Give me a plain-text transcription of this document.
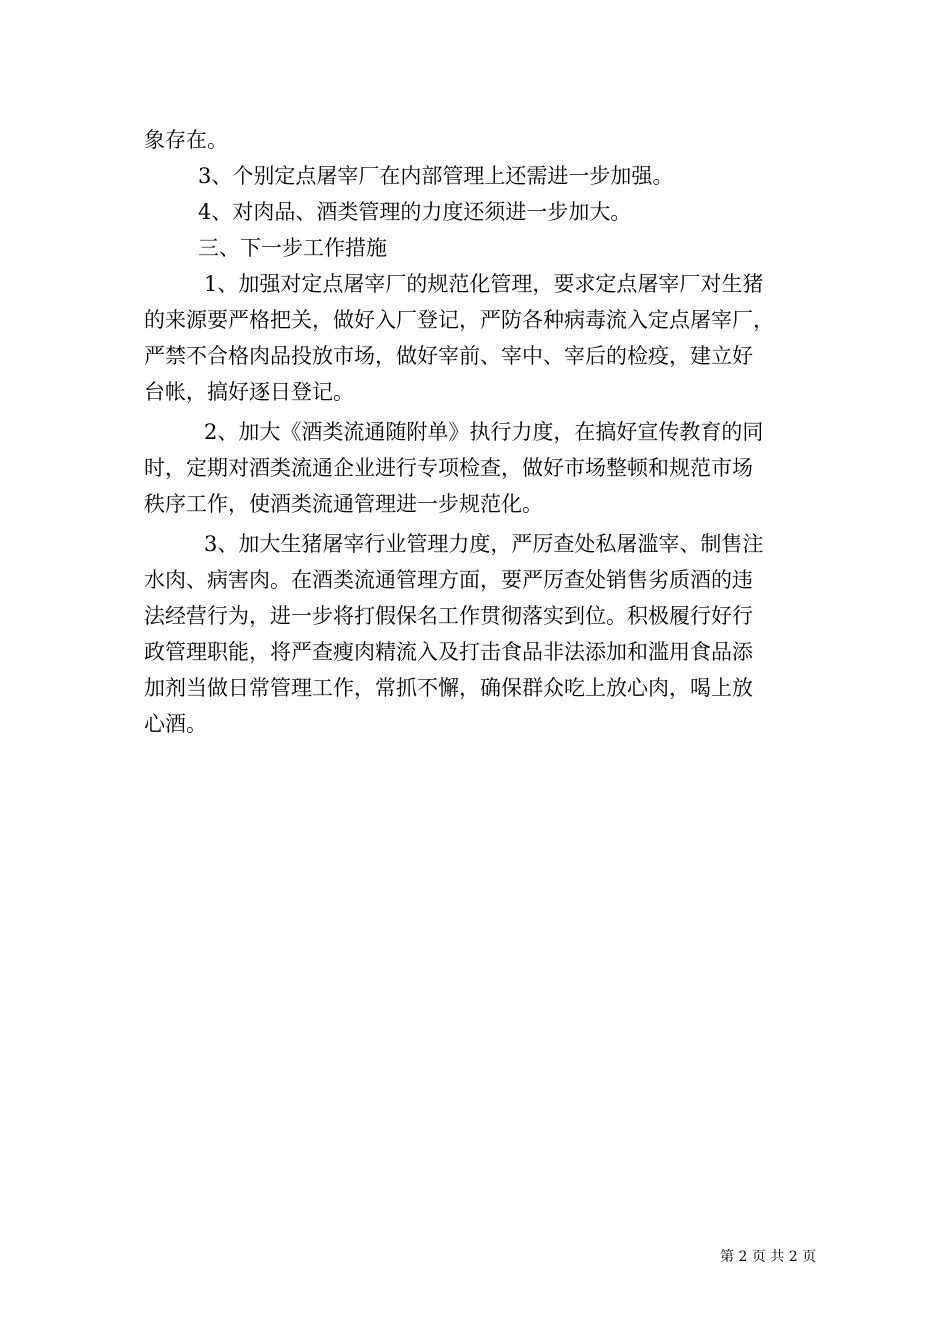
象存在。
3、个别定点屠宰厂在内部管理上还需进一步加强。
4、对肉品、酒类管理的力度还须进一步加大。
三、下一步工作措施
1、加强对定点屠宰厂的规范化管理，要求定点屠宰厂对生猪
的来源要严格把关，做好入厂登记，严防各种病毒流入定点屠宰厂，
严禁不合格肉品投放市场，做好宰前、宰中、宰后的检疫，建立好
台帐，搞好逐日登记。
2、加大《酒类流通随附单》执行力度，在搞好宣传教育的同
时，定期对酒类流通企业进行专项检查，做好市场整顿和规范市场
秩序工作，使酒类流通管理进一步规范化。
3、加大生猪屠宰行业管理力度，严厉查处私屠滥宰、制售注
水肉、病害肉。在酒类流通管理方面，要严厉查处销售劣质酒的违
法经营行为，进一步将打假保名工作贯彻落实到位。积极履行好行
政管理职能，将严查瘦肉精流入及打击食品非法添加和滥用食品添
加剂当做日常管理工作，常抓不懈，确保群众吃上放心肉，喝上放
心酒。
第 2 页 共 2 页
